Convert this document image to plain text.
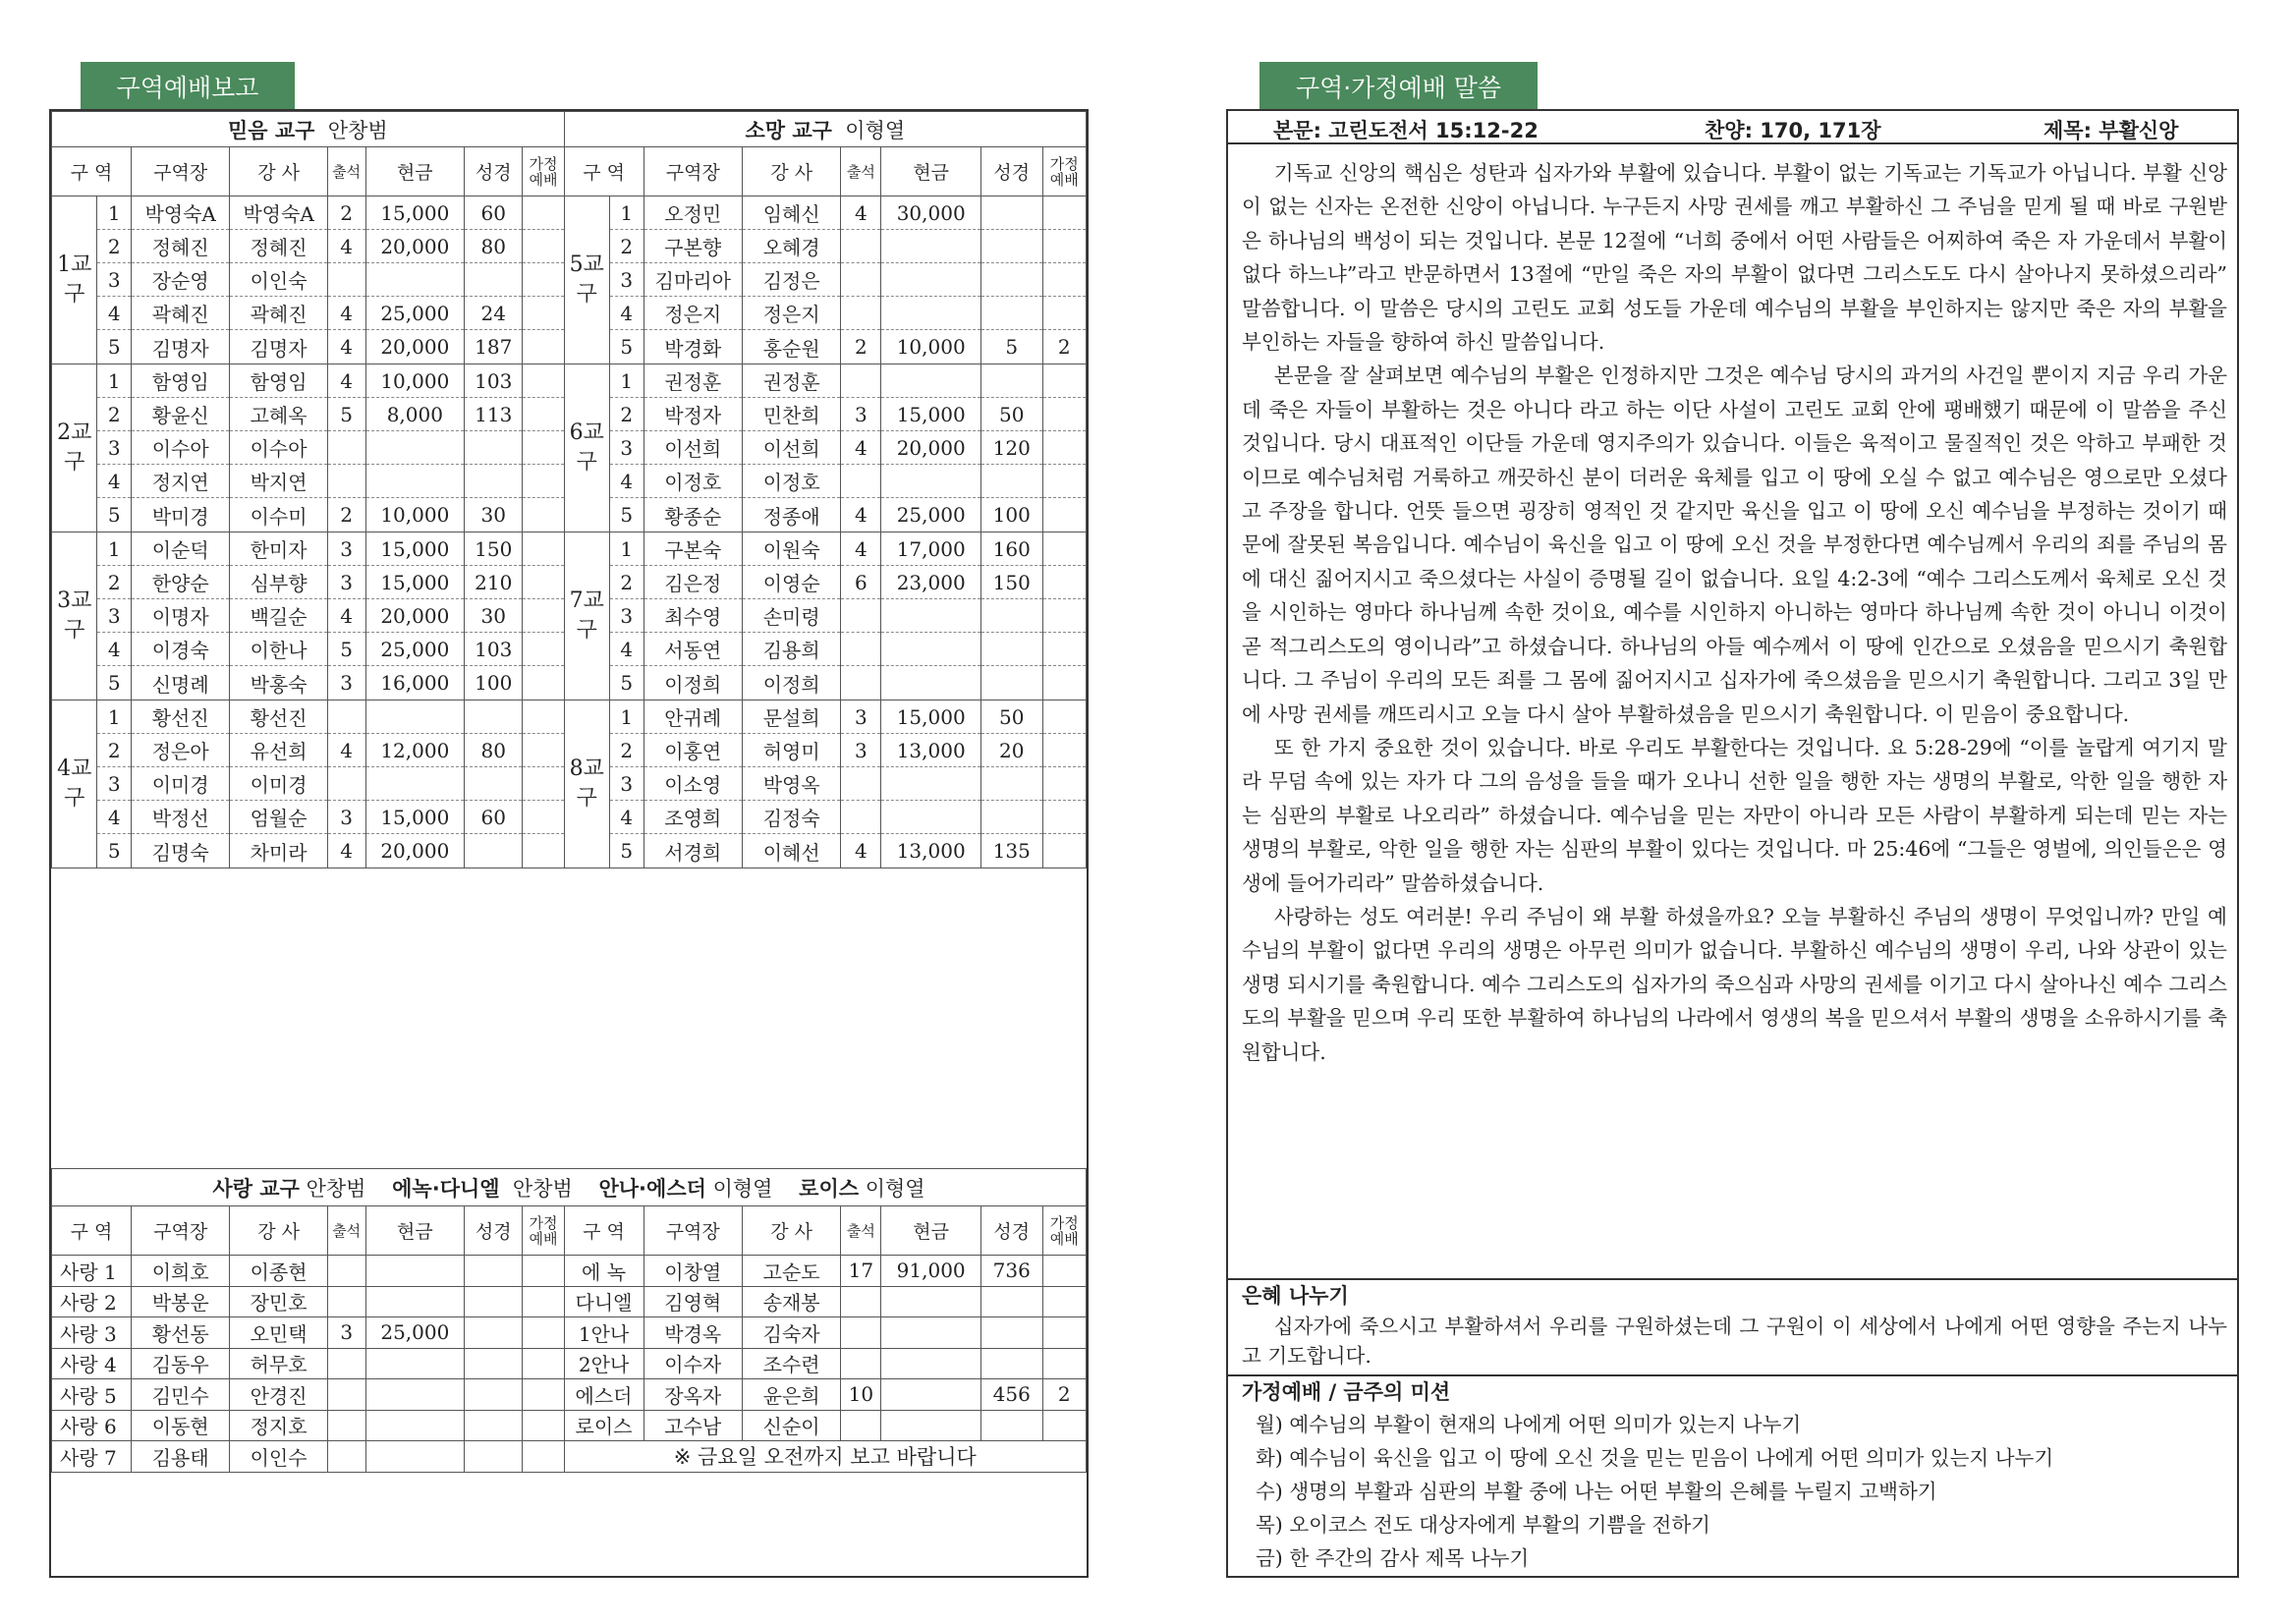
구역예배보고	구역·가정예배 말씀
믿음 교구 안창범								소망 교구 이형열							
구 역		구역장	강 사	출석	현금	성경	가정
예배	구 역		구역장	강 사	출석	현금	성경	가정
예배
1교구	1	박영숙A	박영숙A	2	15,000	60		5교구	1	오정민	임혜신	4	30,000		
	2	정혜진	정혜진	4	20,000	80			2	구본향	오혜경				
	3	장순영	이인숙						3	김마리아	김정은				
	4	곽혜진	곽혜진	4	25,000	24			4	정은지	정은지				
	5	김명자	김명자	4	20,000	187			5	박경화	홍순원	2	10,000	5	2
2교구	1	함영임	함영임	4	10,000	103		6교구	1	권정훈	권정훈				
	2	황윤신	고혜옥	5	8,000	113			2	박정자	민찬희	3	15,000	50	
	3	이수아	이수아						3	이선희	이선희	4	20,000	120	
	4	정지연	박지연						4	이정호	이정호				
	5	박미경	이수미	2	10,000	30			5	황종순	정종애	4	25,000	100	
3교구	1	이순덕	한미자	3	15,000	150		7교구	1	구본숙	이원숙	4	17,000	160	
	2	한양순	심부향	3	15,000	210			2	김은정	이영순	6	23,000	150	
	3	이명자	백길순	4	20,000	30			3	최수영	손미령				
	4	이경숙	이한나	5	25,000	103			4	서동연	김용희				
	5	신명례	박홍숙	3	16,000	100			5	이정희	이정희				
4교구	1	황선진	황선진					8교구	1	안귀례	문설희	3	15,000	50	
	2	정은아	유선희	4	12,000	80			2	이홍연	허영미	3	13,000	20	
	3	이미경	이미경						3	이소영	박영옥				
	4	박정선	엄월순	3	15,000	60			4	조영희	김정숙				
	5	김명숙	차미라	4	20,000				5	서경희	이혜선	4	13,000	135	
사랑 교구 안창범 에녹·다니엘 안창범 안나·에스더 이형열 로이스 이형열													
구 역	구역장	강 사	출석	현금	성경	가정
예배	구 역	구역장	강 사	출석	현금	성경	가정
예배
사랑 1	이희호	이종현					에 녹	이창열	고순도	17	91,000	736	
사랑 2	박봉운	장민호					다니엘	김영혁	송재봉				
사랑 3	황선동	오민택	3	25,000			1안나	박경옥	김숙자				
사랑 4	김동우	허무호					2안나	이수자	조수련				
사랑 5	김민수	안경진					에스더	장옥자	윤은희	10		456	2
사랑 6	이동현	정지호					로이스	고수남	신순이				
사랑 7	김용태	이인수					※ 금요일 오전까지 보고 바랍니다						
본문: 고린도전서 15:12-22	찬양: 170, 171장	제목: 부활신앙

기독교 신앙의 핵심은 성탄과 십자가와 부활에 있습니다. 부활이 없는 기독교는 기독교가 아닙니다. 부활 신앙이 없는 신자는 온전한 신앙이 아닙니다. 누구든지 사망 권세를 깨고 부활하신 그 주님을 믿게 될 때 바로 구원받은 하나님의 백성이 되는 것입니다. 본문 12절에 “너희 중에서 어떤 사람들은 어찌하여 죽은 자 가운데서 부활이 없다 하느냐”라고 반문하면서 13절에 “만일 죽은 자의 부활이 없다면 그리스도도 다시 살아나지 못하셨으리라” 말씀합니다. 이 말씀은 당시의 고린도 교회 성도들 가운데 예수님의 부활을 부인하지는 않지만 죽은 자의 부활을 부인하는 자들을 향하여 하신 말씀입니다.

본문을 잘 살펴보면 예수님의 부활은 인정하지만 그것은 예수님 당시의 과거의 사건일 뿐이지 지금 우리 가운데 죽은 자들이 부활하는 것은 아니다 라고 하는 이단 사설이 고린도 교회 안에 팽배했기 때문에 이 말씀을 주신 것입니다. 당시 대표적인 이단들 가운데 영지주의가 있습니다. 이들은 육적이고 물질적인 것은 악하고 부패한 것이므로 예수님처럼 거룩하고 깨끗하신 분이 더러운 육체를 입고 이 땅에 오실 수 없고 예수님은 영으로만 오셨다고 주장을 합니다. 언뜻 들으면 굉장히 영적인 것 같지만 육신을 입고 이 땅에 오신 예수님을 부정하는 것이기 때문에 잘못된 복음입니다. 예수님이 육신을 입고 이 땅에 오신 것을 부정한다면 예수님께서 우리의 죄를 주님의 몸에 대신 짊어지시고 죽으셨다는 사실이 증명될 길이 없습니다. 요일 4:2-3에 “예수 그리스도께서 육체로 오신 것을 시인하는 영마다 하나님께 속한 것이요, 예수를 시인하지 아니하는 영마다 하나님께 속한 것이 아니니 이것이 곧 적그리스도의 영이니라”고 하셨습니다. 하나님의 아들 예수께서 이 땅에 인간으로 오셨음을 믿으시기 축원합니다. 그 주님이 우리의 모든 죄를 그 몸에 짊어지시고 십자가에 죽으셨음을 믿으시기 축원합니다. 그리고 3일 만에 사망 권세를 깨뜨리시고 오늘 다시 살아 부활하셨음을 믿으시기 축원합니다. 이 믿음이 중요합니다.

또 한 가지 중요한 것이 있습니다. 바로 우리도 부활한다는 것입니다. 요 5:28-29에 “이를 놀랍게 여기지 말라 무덤 속에 있는 자가 다 그의 음성을 들을 때가 오나니 선한 일을 행한 자는 생명의 부활로, 악한 일을 행한 자는 심판의 부활로 나오리라” 하셨습니다. 예수님을 믿는 자만이 아니라 모든 사람이 부활하게 되는데 믿는 자는 생명의 부활로, 악한 일을 행한 자는 심판의 부활이 있다는 것입니다. 마 25:46에 “그들은 영벌에, 의인들은은 영생에 들어가리라” 말씀하셨습니다.

사랑하는 성도 여러분! 우리 주님이 왜 부활 하셨을까요? 오늘 부활하신 주님의 생명이 무엇입니까? 만일 예수님의 부활이 없다면 우리의 생명은 아무런 의미가 없습니다. 부활하신 예수님의 생명이 우리, 나와 상관이 있는 생명 되시기를 축원합니다. 예수 그리스도의 십자가의 죽으심과 사망의 권세를 이기고 다시 살아나신 예수 그리스도의 부활을 믿으며 우리 또한 부활하여 하나님의 나라에서 영생의 복을 믿으셔서 부활의 생명을 소유하시기를 축원합니다.

은혜 나누기

십자가에 죽으시고 부활하셔서 우리를 구원하셨는데 그 구원이 이 세상에서 나에게 어떤 영향을 주는지 나누고 기도합니다.

가정예배 / 금주의 미션
월) 예수님의 부활이 현재의 나에게 어떤 의미가 있는지 나누기
화) 예수님이 육신을 입고 이 땅에 오신 것을 믿는 믿음이 나에게 어떤 의미가 있는지 나누기
수) 생명의 부활과 심판의 부활 중에 나는 어떤 부활의 은혜를 누릴지 고백하기
목) 오이코스 전도 대상자에게 부활의 기쁨을 전하기
금) 한 주간의 감사 제목 나누기
